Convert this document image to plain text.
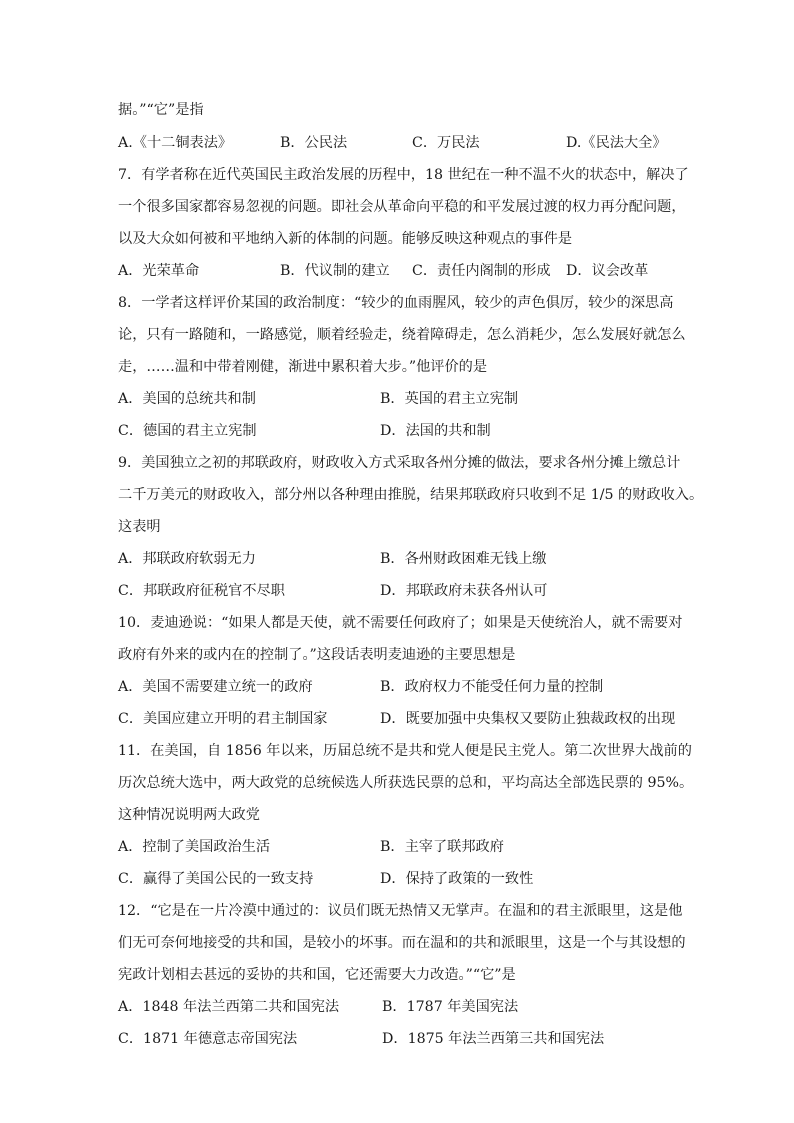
据。”“它”是指
A.《十二铜表法》	B．公民法	C．万民法	D.《民法大全》
7．有学者称在近代英国民主政治发展的历程中，18 世纪在一种不温不火的状态中，解决了
一个很多国家都容易忽视的问题。即社会从革命向平稳的和平发展过渡的权力再分配问题，
以及大众如何被和平地纳入新的体制的问题。能够反映这种观点的事件是
A．光荣革命	B．代议制的建立 C．责任内阁制的形成 D．议会改革
8．一学者这样评价某国的政治制度：“较少的血雨腥风，较少的声色俱厉，较少的深思高
论，只有一路随和，一路感觉，顺着经验走，绕着障碍走，怎么消耗少，怎么发展好就怎么
走，……温和中带着刚健，渐进中累积着大步。”他评价的是
A．美国的总统共和制	B．英国的君主立宪制
C．德国的君主立宪制	D．法国的共和制
9．美国独立之初的邦联政府，财政收入方式采取各州分摊的做法，要求各州分摊上缴总计
二千万美元的财政收入，部分州以各种理由推脱，结果邦联政府只收到不足 1/5 的财政收入。
这表明
A．邦联政府软弱无力	B．各州财政困难无钱上缴
C．邦联政府征税官不尽职	D．邦联政府未获各州认可
10．麦迪逊说：“如果人都是天使，就不需要任何政府了；如果是天使统治人，就不需要对
政府有外来的或内在的控制了。”这段话表明麦迪逊的主要思想是
A．美国不需要建立统一的政府	B．政府权力不能受任何力量的控制
C．美国应建立开明的君主制国家	D．既要加强中央集权又要防止独裁政权的出现
11．在美国，自 1856 年以来，历届总统不是共和党人便是民主党人。第二次世界大战前的
历次总统大选中，两大政党的总统候选人所获选民票的总和，平均高达全部选民票的 95%。
这种情况说明两大政党
A．控制了美国政治生活	B．主宰了联邦政府
C．赢得了美国公民的一致支持	D．保持了政策的一致性
12．“它是在一片冷漠中通过的：议员们既无热情又无掌声。在温和的君主派眼里，这是他
们无可奈何地接受的共和国，是较小的坏事。而在温和的共和派眼里，这是一个与其设想的
宪政计划相去甚远的妥协的共和国，它还需要大力改造。”“它”是
A．1848 年法兰西第二共和国宪法	B．1787 年美国宪法
C．1871 年德意志帝国宪法	D．1875 年法兰西第三共和国宪法
